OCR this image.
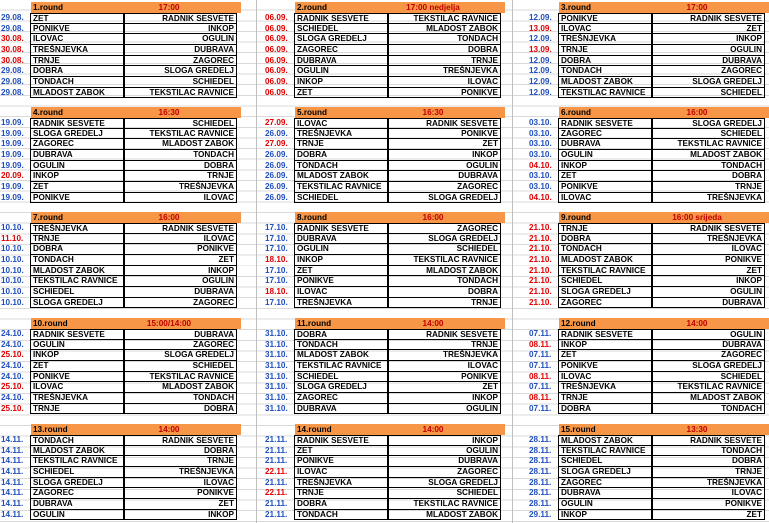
1.round	17:00
29.08.	ZET	RADNIK SESVETE
29.08.	PONIKVE	INKOP
30.08.	ILOVAC	OGULIN
30.08.	TREŠNJEVKA	DUBRAVA
30.08.	TRNJE	ZAGOREC
29.08.	DOBRA	SLOGA GREDELJ
29.08.	TONDACH	SCHIEDEL
29.08.	MLADOST ZABOK	TEKSTILAC RAVNICE
2.round	17:00 nedjelja
06.09.	RADNIK SESVETE	TEKSTILAC RAVNICE
06.09.	SCHIEDEL	MLADOST ZABOK
06.09.	SLOGA GREDELJ	TONDACH
06.09.	ZAGOREC	DOBRA
06.09.	DUBRAVA	TRNJE
06.09.	OGULIN	TREŠNJEVKA
06.09.	INKOP	ILOVAC
06.09.	ZET	PONIKVE
3.round	17:00
12.09.	PONIKVE	RADNIK SESVETE
13.09.	ILOVAC	ZET
12.09.	TREŠNJEVKA	INKOP
13.09.	TRNJE	OGULIN
12.09.	DOBRA	DUBRAVA
12.09.	TONDACH	ZAGOREC
12.09.	MLADOST ZABOK	SLOGA GREDELJ
12.09.	TEKSTILAC RAVNICE	SCHIEDEL
4.round	16:30
19.09.	RADNIK SESVETE	SCHIEDEL
19.09.	SLOGA GREDELJ	TEKSTILAC RAVNICE
19.09.	ZAGOREC	MLADOST ZABOK
19.09.	DUBRAVA	TONDACH
19.09.	OGULIN	DOBRA
20.09.	INKOP	TRNJE
19.09.	ZET	TREŠNJEVKA
19.09.	PONIKVE	ILOVAC
5.round	16:30
27.09.	ILOVAC	RADNIK SESVETE
26.09.	TREŠNJEVKA	PONIKVE
27.09.	TRNJE	ZET
26.09.	DOBRA	INKOP
26.09.	TONDACH	OGULIN
26.09.	MLADOST ZABOK	DUBRAVA
26.09.	TEKSTILAC RAVNICE	ZAGOREC
26.09.	SCHIEDEL	SLOGA GREDELJ
6.round	16:00
03.10.	RADNIK SESVETE	SLOGA GREDELJ
03.10.	ZAGOREC	SCHIEDEL
03.10.	DUBRAVA	TEKSTILAC RAVNICE
03.10.	OGULIN	MLADOST ZABOK
04.10.	INKOP	TONDACH
03.10.	ZET	DOBRA
03.10.	PONIKVE	TRNJE
04.10.	ILOVAC	TREŠNJEVKA
7.round	16:00
10.10.	TREŠNJEVKA	RADNIK SESVETE
11.10.	TRNJE	ILOVAC
10.10.	DOBRA	PONIKVE
10.10.	TONDACH	ZET
10.10.	MLADOST ZABOK	INKOP
10.10.	TEKSTILAC RAVNICE	OGULIN
10.10.	SCHIEDEL	DUBRAVA
10.10.	SLOGA GREDELJ	ZAGOREC
8.round	16:00
17.10.	RADNIK SESVETE	ZAGOREC
17.10.	DUBRAVA	SLOGA GREDELJ
17.10.	OGULIN	SCHIEDEL
18.10.	INKOP	TEKSTILAC RAVNICE
17.10.	ZET	MLADOST ZABOK
17.10.	PONIKVE	TONDACH
18.10.	ILOVAC	DOBRA
17.10.	TREŠNJEVKA	TRNJE
9.round	16:00 srijeda
21.10.	TRNJE	RADNIK SESVETE
21.10.	DOBRA	TREŠNJEVKA
21.10.	TONDACH	ILOVAC
21.10.	MLADOST ZABOK	PONIKVE
21.10.	TEKSTILAC RAVNICE	ZET
21.10.	SCHIEDEL	INKOP
21.10.	SLOGA GREDELJ	OGULIN
21.10.	ZAGOREC	DUBRAVA
10.round	15:00/14:00
24.10.	RADNIK SESVETE	DUBRAVA
24.10.	OGULIN	ZAGOREC
25.10.	INKOP	SLOGA GREDELJ
24.10.	ZET	SCHIEDEL
24.10.	PONIKVE	TEKSTILAC RAVNICE
25.10.	ILOVAC	MLADOST ZABOK
24.10.	TREŠNJEVKA	TONDACH
25.10.	TRNJE	DOBRA
11.round	14:00
31.10.	DOBRA	RADNIK SESVETE
31.10.	TONDACH	TRNJE
31.10.	MLADOST ZABOK	TREŠNJEVKA
31.10.	TEKSTILAC RAVNICE	ILOVAC
31.10.	SCHIEDEL	PONIKVE
31.10.	SLOGA GREDELJ	ZET
31.10.	ZAGOREC	INKOP
31.10.	DUBRAVA	OGULIN
12.round	14:00
07.11.	RADNIK SESVETE	OGULIN
08.11.	INKOP	DUBRAVA
07.11.	ZET	ZAGOREC
07.11.	PONIKVE	SLOGA GREDELJ
08.11.	ILOVAC	SCHIEDEL
07.11.	TREŠNJEVKA	TEKSTILAC RAVNICE
08.11.	TRNJE	MLADOST ZABOK
07.11.	DOBRA	TONDACH
13.round	14:00
14.11.	TONDACH	RADNIK SESVETE
14.11.	MLADOST ZABOK	DOBRA
14.11.	TEKSTILAC RAVNICE	TRNJE
14.11.	SCHIEDEL	TREŠNJEVKA
14.11.	SLOGA GREDELJ	ILOVAC
14.11.	ZAGOREC	PONIKVE
14.11.	DUBRAVA	ZET
14.11.	OGULIN	INKOP
14.round	14:00
21.11.	RADNIK SESVETE	INKOP
21.11.	ZET	OGULIN
21.11.	PONIKVE	DUBRAVA
22.11.	ILOVAC	ZAGOREC
21.11.	TREŠNJEVKA	SLOGA GREDELJ
22.11.	TRNJE	SCHIEDEL
21.11.	DOBRA	TEKSTILAC RAVNICE
21.11.	TONDACH	MLADOST ZABOK
15.round	13:30
28.11.	MLADOST ZABOK	RADNIK SESVETE
28.11.	TEKSTILAC RAVNICE	TONDACH
28.11.	SCHIEDEL	DOBRA
28.11.	SLOGA GREDELJ	TRNJE
28.11.	ZAGOREC	TREŠNJEVKA
28.11.	DUBRAVA	ILOVAC
28.11.	OGULIN	PONIKVE
29.11.	INKOP	ZET
